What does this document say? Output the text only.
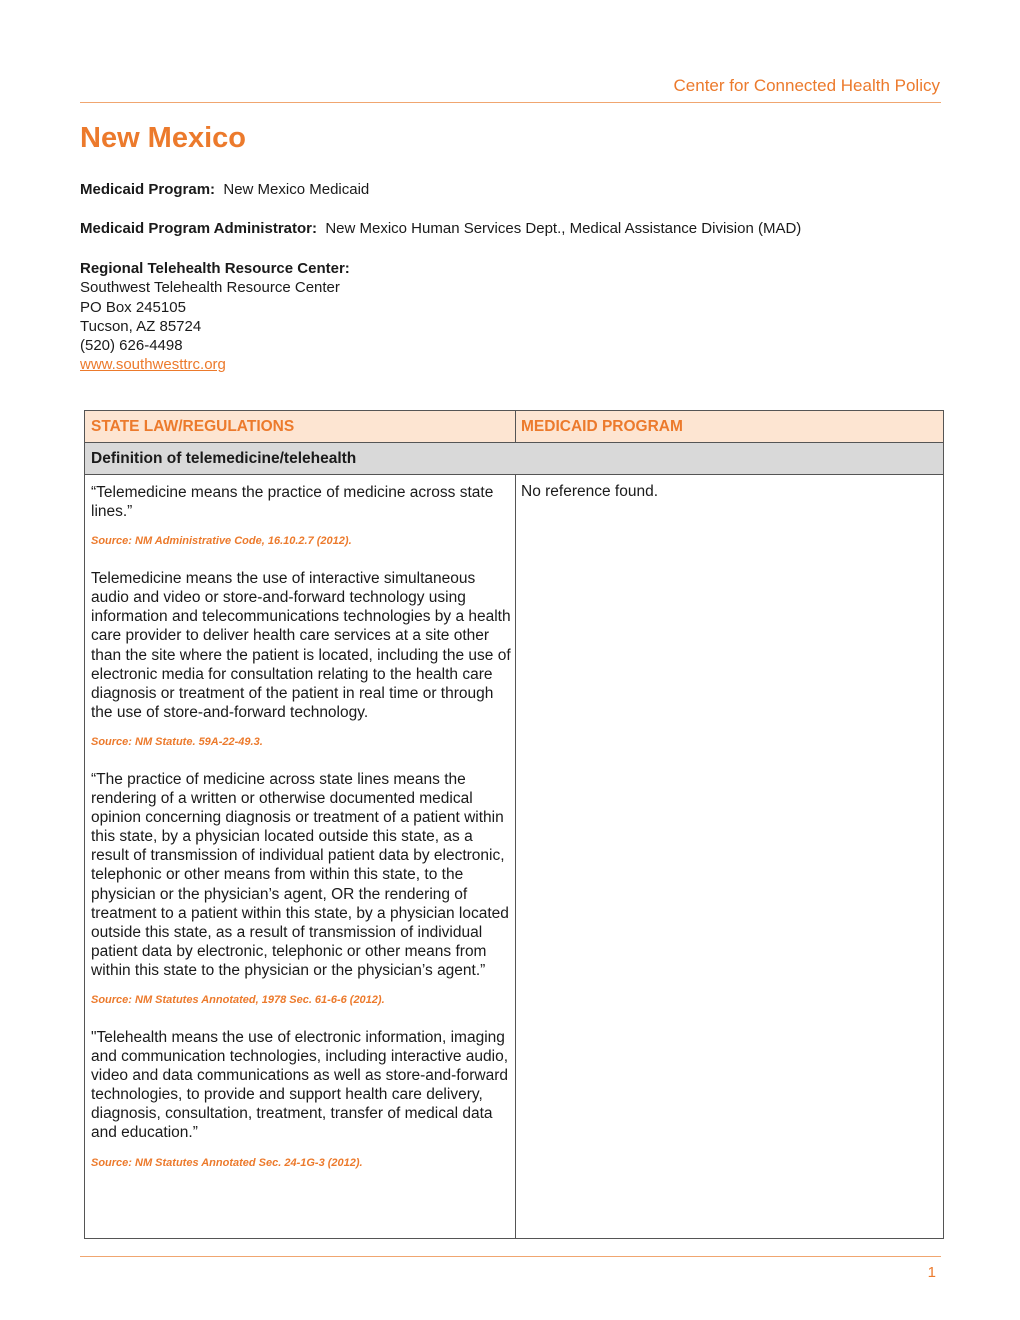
Center for Connected Health Policy
New Mexico
Medicaid Program: New Mexico Medicaid
Medicaid Program Administrator: New Mexico Human Services Dept., Medical Assistance Division (MAD)
Regional Telehealth Resource Center:
Southwest Telehealth Resource Center
PO Box 245105
Tucson, AZ 85724
(520) 626-4498
www.southwesttrc.org
STATE LAW/REGULATIONS	MEDICAID PROGRAM
Definition of telemedicine/telehealth

“Telemedicine means the practice of medicine across state lines.”

Source: NM Administrative Code, 16.10.2.7 (2012).

Telemedicine means the use of interactive simultaneous audio and video or store-and-forward technology using information and telecommunications technologies by a health care provider to deliver health care services at a site other than the site where the patient is located, including the use of electronic media for consultation relating to the health care diagnosis or treatment of the patient in real time or through the use of store-and-forward technology.

Source: NM Statute. 59A-22-49.3.

“The practice of medicine across state lines means the rendering of a written or otherwise documented medical opinion concerning diagnosis or treatment of a patient within this state, by a physician located outside this state, as a result of transmission of individual patient data by electronic, telephonic or other means from within this state, to the physician or the physician’s agent, OR the rendering of treatment to a patient within this state, by a physician located outside this state, as a result of transmission of individual patient data by electronic, telephonic or other means from within this state to the physician or the physician’s agent.”

Source: NM Statutes Annotated, 1978 Sec. 61-6-6 (2012).

"Telehealth means the use of electronic information, imaging and communication technologies, including interactive audio, video and data communications as well as store-and-forward technologies, to provide and support health care delivery, diagnosis, consultation, treatment, transfer of medical data and education.”

Source: NM Statutes Annotated Sec. 24-1G-3 (2012).
No reference found.
1
